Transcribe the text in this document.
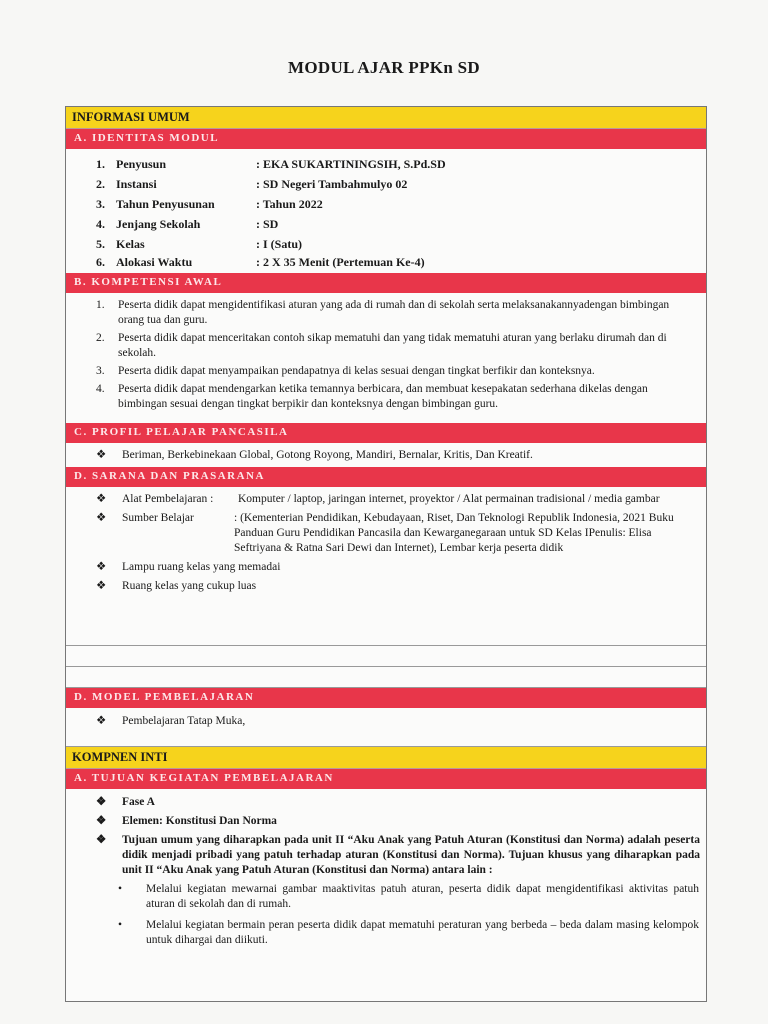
MODUL AJAR PPKn SD
INFORMASI UMUM
A. IDENTITAS MODUL
1. Penyusun	: EKA SUKARTININGSIH, S.Pd.SD
2. Instansi	: SD Negeri Tambahmulyo 02
3. Tahun Penyusunan	: Tahun 2022
4. Jenjang Sekolah	: SD
5. Kelas	: I (Satu)
6. Alokasi Waktu	: 2 X 35 Menit (Pertemuan Ke-4)
B. KOMPETENSI AWAL
1.	Peserta didik dapat mengidentifikasi aturan yang ada di rumah dan di sekolah serta melaksanakannyadengan bimbingan orang tua dan guru.
2.	Peserta didik dapat menceritakan contoh sikap mematuhi dan yang tidak mematuhi aturan yang berlaku dirumah dan di sekolah.
3.	Peserta didik dapat menyampaikan pendapatnya di kelas sesuai dengan tingkat berfikir dan konteksnya.
4.	Peserta didik dapat mendengarkan ketika temannya berbicara, dan membuat kesepakatan sederhana dikelas dengan bimbingan sesuai dengan tingkat berpikir dan konteksnya dengan bimbingan guru.
C. PROFIL PELAJAR PANCASILA
❖	Beriman, Berkebinekaan Global, Gotong Royong, Mandiri, Bernalar, Kritis, Dan Kreatif.
D. SARANA DAN PRASARANA
❖	Alat Pembelajaran :	Komputer / laptop, jaringan internet, proyektor / Alat permainan tradisional / media gambar
❖	Sumber Belajar	: (Kementerian Pendidikan, Kebudayaan, Riset, Dan Teknologi Republik Indonesia, 2021 Buku Panduan Guru Pendidikan Pancasila dan Kewarganegaraan untuk SD Kelas IPenulis: Elisa Seftriyana & Ratna Sari Dewi dan Internet), Lembar kerja peserta didik
❖	Lampu ruang kelas yang memadai
❖	Ruang kelas yang cukup luas
D. MODEL PEMBELAJARAN
❖	Pembelajaran Tatap Muka,
KOMPNEN INTI
A. TUJUAN KEGIATAN PEMBELAJARAN
❖	Fase A
❖	Elemen: Konstitusi Dan Norma
❖	Tujuan umum yang diharapkan pada unit II “Aku Anak yang Patuh Aturan (Konstitusi dan Norma) adalah peserta didik menjadi pribadi yang patuh terhadap aturan (Konstitusi dan Norma). Tujuan khusus yang diharapkan pada unit II “Aku Anak yang Patuh Aturan (Konstitusi dan Norma) antara lain :
•	Melalui kegiatan mewarnai gambar maaktivitas patuh aturan, peserta didik dapat mengidentifikasi aktivitas patuh aturan di sekolah dan di rumah.
•	Melalui kegiatan bermain peran peserta didik dapat mematuhi peraturan yang berbeda – beda dalam masing kelompok untuk dihargai dan diikuti.
